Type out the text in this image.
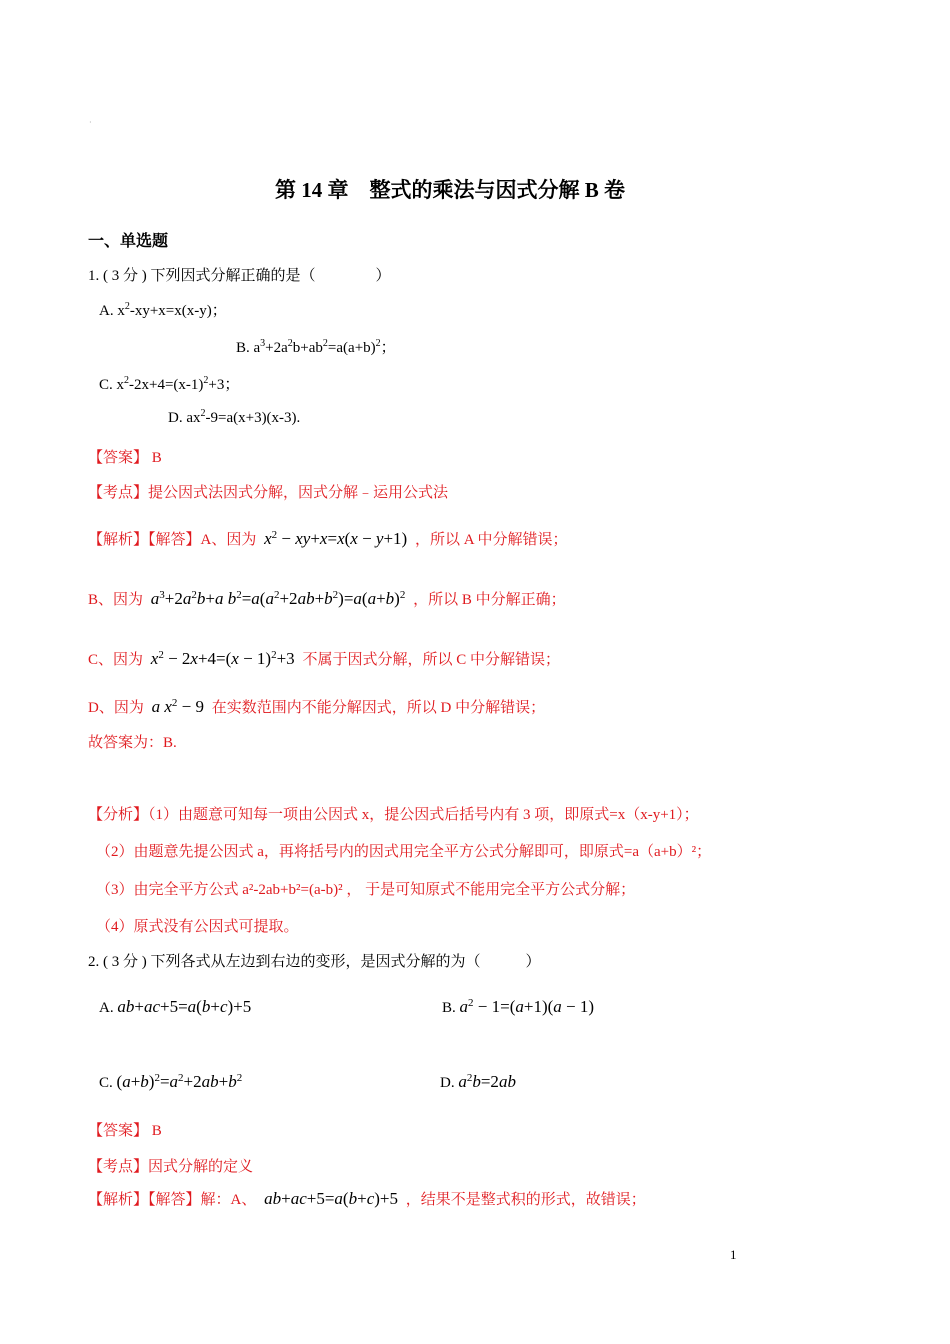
·
第 14 章　整式的乘法与因式分解 B 卷
一、单选题
1. ( 3 分 ) 下列因式分解正确的是（　　　　）
A. $x^2-xy+x=x(x-y)$；
B. $a^3+2a^2b+ab^2=a(a+b)^2$；
C. $x^2-2x+4=(x-1)^2+3$；
D. $ax^2-9=a(x+3)(x-3)$.
【答案】 B
【考点】提公因式法因式分解，因式分解﹣运用公式法
【解析】【解答】A、因为 $x^2 - xy+x=x(x - y+1)$ ，所以 A 中分解错误；
B、因为 $a^3+2a^2b+a$ $b^2=a(a^2+2ab+b^2)=a(a+b)^2$ ，所以 B 中分解正确；
C、因为 $x^2 - 2x+4=(x - 1)^2+3$ 不属于因式分解，所以 C 中分解错误；
D、因为 a $x^2 - 9$ 在实数范围内不能分解因式，所以 D 中分解错误；
故答案为：B.
【分析】（1）由题意可知每一项由公因式 x，提公因式后括号内有 3 项，即原式=x（x-y+1）；
（2）由题意先提公因式 a，再将括号内的因式用完全平方公式分解即可，即原式=a（a+b）²；
（3）由完全平方公式 a²-2ab+b²=(a-b)² ， 于是可知原式不能用完全平方公式分解；
（4）原式没有公因式可提取。
2. ( 3 分 ) 下列各式从左边到右边的变形，是因式分解的为（　　　）
A. ab+ac+5=a(b+c)+5	B. $a^2 - 1=(a+1)(a - 1)$
C. $(a+b)^2=a^2+2ab+b^2$	D. $a^2b=2ab$
【答案】 B
【考点】因式分解的定义
【解析】【解答】解：A、 ab+ac+5=a(b+c)+5 ，结果不是整式积的形式，故错误；
1
